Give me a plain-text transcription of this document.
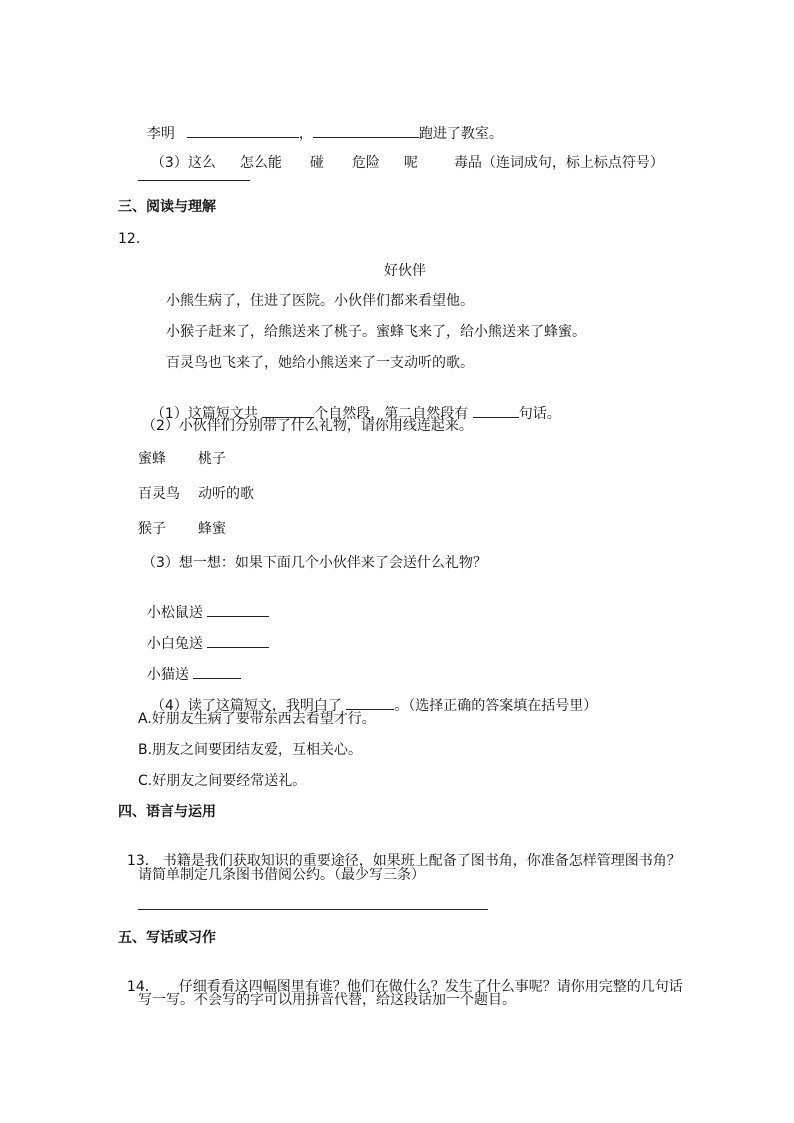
李明	，	跑进了教室。

（3）这么 怎么能 碰 危险 呢	毒品（连词成句，标上标点符号）

三、阅读与理解
12．
好伙伴
小熊生病了，住进了医院。小伙伴们都来看望他。
小猴子赶来了，给熊送来了桃子。蜜蜂飞来了，给小熊送来了蜂蜜。
百灵鸟也飞来了，她给小熊送来了一支动听的歌。

（1）这篇短文共	个自然段，第二自然段有	句话。

（2）小伙伴们分别带了什么礼物，请你用线连起来。
蜜蜂 桃子
百灵鸟 动听的歌
猴子 蜂蜜
（3）想一想：如果下面几个小伙伴来了会送什么礼物？

小松鼠送

小白兔送

小猫送

（4）读了这篇短文，我明白了	。（选择正确的答案填在括号里）

A.好朋友生病了要带东西去看望才行。
B.朋友之间要团结友爱，互相关心。
C.好朋友之间要经常送礼。
四、语言与运用

13． 书籍是我们获取知识的重要途径，如果班上配备了图书角，你准备怎样管理图书角？

请简单制定几条图书借阅公约。（最少写三条）
五、写话或习作

14． 仔细看看这四幅图里有谁？他们在做什么？发生了什么事呢？请你用完整的几句话

写一写。不会写的字可以用拼音代替，给这段话加一个题目。
